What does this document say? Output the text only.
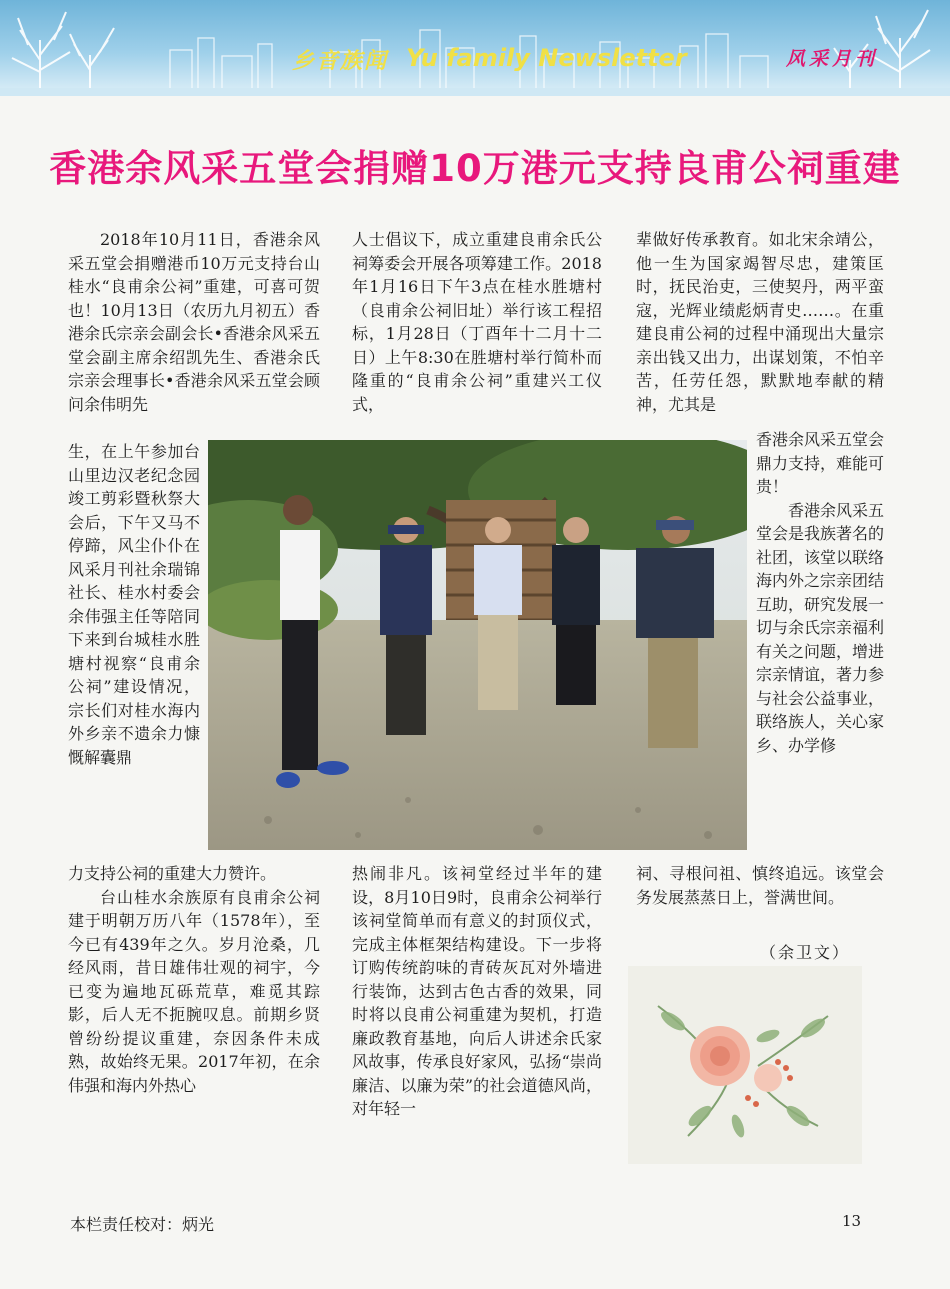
乡音族闻 Yu family Newsletter	风采月刊
香港余风采五堂会捐赠10万港元支持良甫公祠重建

2018年10月11日，香港余风采五堂会捐赠港币10万元支持台山桂水“良甫余公祠”重建，可喜可贺也！10月13日（农历九月初五）香港余氏宗亲会副会长•香港余风采五堂会副主席余绍凯先生、香港余氏宗亲会理事长•香港余风采五堂会顾问余伟明先

生，在上午参加台山里边汉老纪念园竣工剪彩暨秋祭大会后，下午又马不停蹄，风尘仆仆在风采月刊社余瑞锦社长、桂水村委会余伟强主任等陪同下来到台城桂水胜塘村视察“良甫余公祠”建设情况，宗长们对桂水海内外乡亲不遗余力慷慨解囊鼎

力支持公祠的重建大力赞许。

台山桂水余族原有良甫余公祠建于明朝万历八年（1578年），至今已有439年之久。岁月沧桑，几经风雨，昔日雄伟壮观的祠宇，今已变为遍地瓦砾荒草，难觅其踪影，后人无不扼腕叹息。前期乡贤曾纷纷提议重建，奈因条件未成熟，故始终无果。2017年初，在余伟强和海内外热心

人士倡议下，成立重建良甫余氏公祠筹委会开展各项筹建工作。2018年1月16日下午3点在桂水胜塘村（良甫余公祠旧址）举行该工程招标，1月28日（丁酉年十二月十二日）上午8:30在胜塘村举行简朴而隆重的“良甫余公祠”重建兴工仪式，

热闹非凡。该祠堂经过半年的建设，8月10日9时，良甫余公祠举行该祠堂简单而有意义的封顶仪式，完成主体框架结构建设。下一步将订购传统韵味的青砖灰瓦对外墙进行装饰，达到古色古香的效果，同时将以良甫公祠重建为契机，打造廉政教育基地，向后人讲述余氏家风故事，传承良好家风，弘扬“崇尚廉洁、以廉为荣”的社会道德风尚，对年轻一

辈做好传承教育。如北宋余靖公，他一生为国家竭智尽忠，建策匡时，抚民治吏，三使契丹，两平蛮寇，光辉业绩彪炳青史……。在重建良甫公祠的过程中涌现出大量宗亲出钱又出力，出谋划策，不怕辛苦，任劳任怨，默默地奉献的精神，尤其是

香港余风采五堂会鼎力支持，难能可贵！

香港余风采五堂会是我族著名的社团，该堂以联络海内外之宗亲团结互助，研究发展一切与余氏宗亲福利有关之问题，增进宗亲情谊，著力参与社会公益事业，联络族人，关心家乡、办学修

祠、寻根问祖、慎终追远。该堂会务发展蒸蒸日上，誉满世间。

（余卫文）
本栏责任校对：炳光	13
